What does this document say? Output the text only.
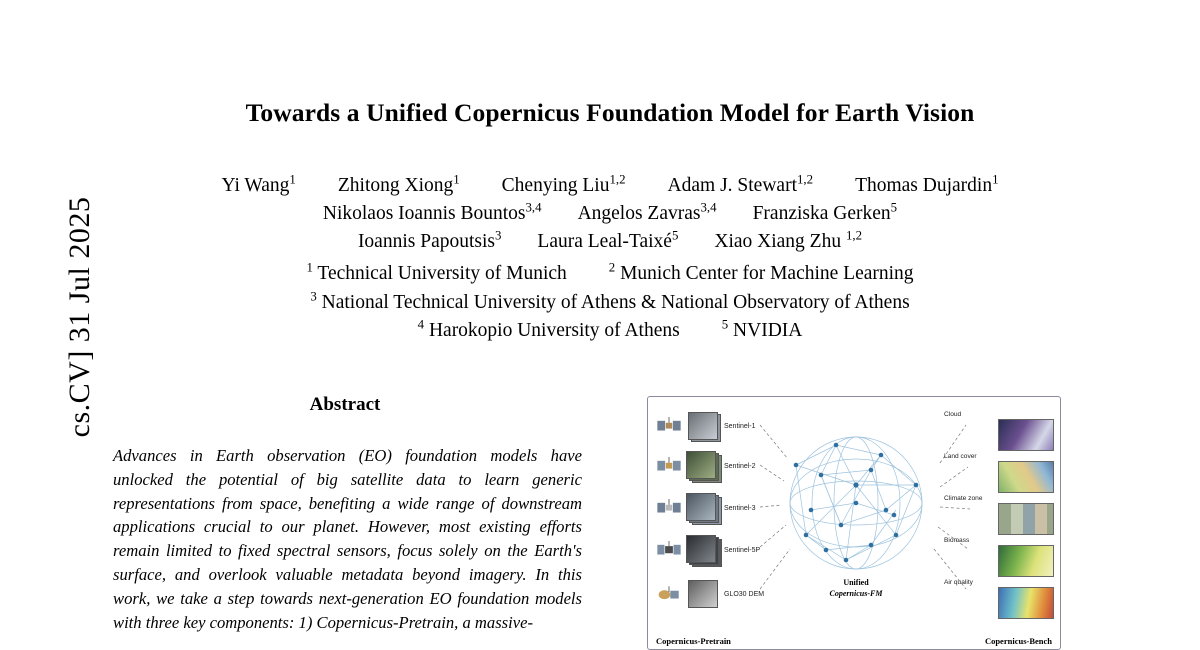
cs.CV] 31 Jul 2025
Towards a Unified Copernicus Foundation Model for Earth Vision
Yi Wang$^1$ Zhitong Xiong$^1$ Chenying Liu$^{1,2}$ Adam J. Stewart$^{1,2}$ Thomas Dujardin$^1$
Nikolaos Ioannis Bountos$^{3,4}$ Angelos Zavras$^{3,4}$ Franziska Gerken$^5$
Ioannis Papoutsis$^3$ Laura Leal-Taixé$^5$ Xiao Xiang Zhu $^{1,2}$
$^1$ Technical University of Munich	$^2$ Munich Center for Machine Learning
$^3$ National Technical University of Athens & National Observatory of Athens
$^4$ Harokopio University of Athens	$^5$ NVIDIA
Abstract
Advances in Earth observation (EO) foundation models have unlocked the potential of big satellite data to learn generic representations from space, benefiting a wide range of downstream applications crucial to our planet. However, most existing efforts remain limited to fixed spectral sensors, focus solely on the Earth's surface, and overlook valuable metadata beyond imagery. In this work, we take a step towards next-generation EO foundation models with three key components: 1) Copernicus-Pretrain, a massive-
Sentinel-1
Sentinel-2
Sentinel-3
Sentinel-5P
GLO30 DEM
Unified
Copernicus-FM
Cloud
Land cover
Climate zone
Biomass
Air quality
Copernicus-Pretrain	Copernicus-Bench
